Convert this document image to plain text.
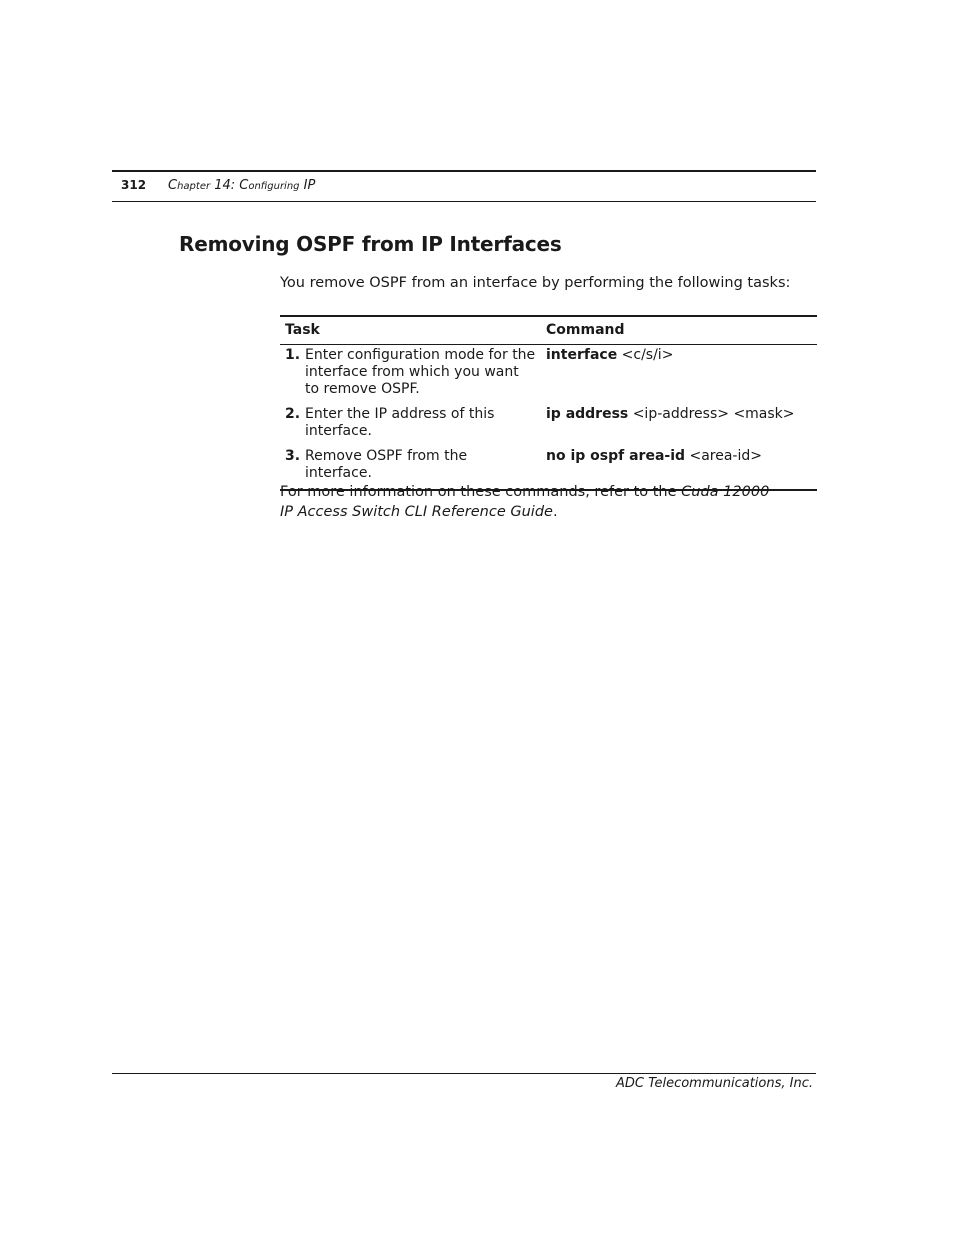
312	Chapter 14: Configuring IP
Removing OSPF from IP Interfaces

You remove OSPF from an interface by performing the following tasks:

Task	Command

1. Enter configuration mode for the interface from which you want to remove OSPF.	interface <c/s/i>

2. Enter the IP address of this interface.	ip address <ip-address> <mask>

3. Remove OSPF from the interface.	no ip ospf area-id <area-id>

For more information on these commands, refer to the Cuda 12000 IP Access Switch CLI Reference Guide.

ADC Telecommunications, Inc.
